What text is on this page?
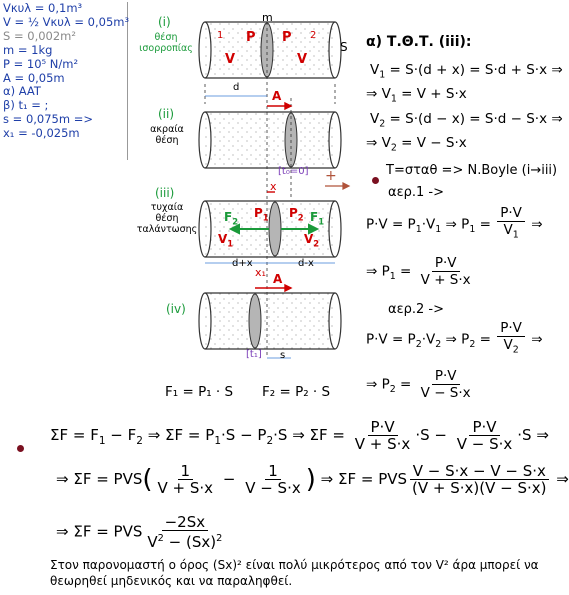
Vκυλ = 0,1m³
V = ½ Vκυλ = 0,05m³
S = 0,002m²
m = 1kg
P = 10⁵ N/m²
A = 0,05m
α) AAT
β) t₁ = ;
s = 0,075m =>
x₁ = -0,025m
(i)
θέση
ισορροπίας
(ii)
ακραία
θέση
(iii)
τυχαία
θέση
ταλάντωσης
(iv)
m
S
1	2
P P
V	V
d
A
[t₀=0]
x
+
$F_2$	$F_1$
$P_1$ $P_2$
$V_1$	$V_2$
d+x	d-x
x₁ A
[t₁] s
F₁ = P₁ · S F₂ = P₂ · S
α) Τ.Θ.Τ. (iii):
$V_1 = S\cdot(d + x) = S\cdot d + S\cdot x$ ⇒
⇒ $V_1 = V + S\cdot x$
$V_2 = S\cdot(d - x) = S\cdot d - S\cdot x$ ⇒
⇒ $V_2 = V - S\cdot x$
T=σταθ => N.Boyle (i→iii)
αερ.1 ->
$P\cdot V = P_1\cdot V_1$ ⇒ $P_1 = \frac{P\cdot V}{V_1}$ ⇒
⇒ $P_1 = \frac{P\cdot V}{V + S\cdot x}$
αερ.2 ->
$P\cdot V = P_2\cdot V_2$ ⇒ $P_2 = \frac{P\cdot V}{V_2}$ ⇒
⇒ $P_2 = \frac{P\cdot V}{V - S\cdot x}$
$\Sigma F = F_1 - F_2$ ⇒ $\Sigma F = P_1\cdot S - P_2\cdot S$ ⇒ $\Sigma F = \frac{P\cdot V}{V + S\cdot x} \cdot S - \frac{P\cdot V}{V - S\cdot x} \cdot S$ ⇒
⇒ $\Sigma F = PVS( \frac{1}{V + S\cdot x} - \frac{1}{V - S\cdot x}$ ) ⇒ ΣF = PVS $\frac{V - S\cdot x - V - S\cdot x}{(V + S\cdot x)(V - S\cdot x)}$ ⇒
⇒ ΣF = PVS $\frac{-2Sx}{V^2 - (Sx)^2}$
Στον παρονομαστή ο όρος (Sx)² είναι πολύ μικρότερος από τον V² άρα μπορεί να θεωρηθεί μηδενικός και να παραληφθεί.
